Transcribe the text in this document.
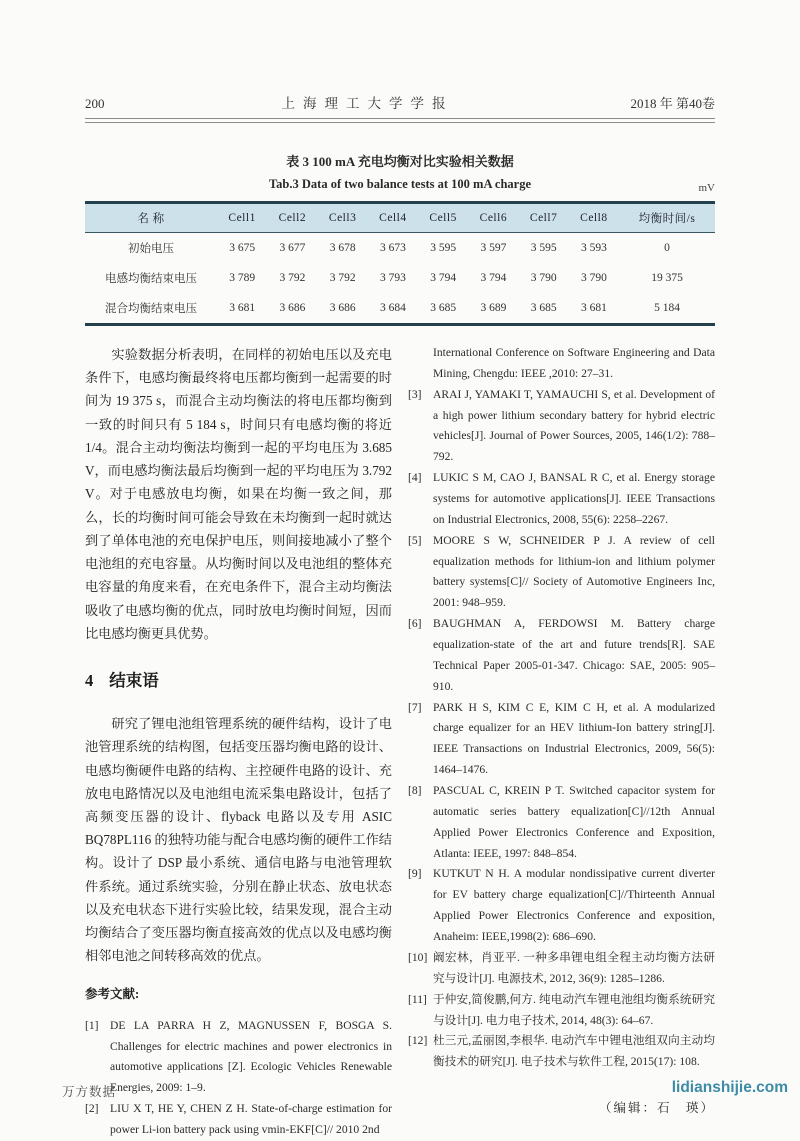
200	上海理工大学学报	2018 年 第40卷
表 3 100 mA 充电均衡对比实验相关数据
Tab.3 Data of two balance tests at 100 mA charge	mV
名 称	Cell1	Cell2	Cell3	Cell4	Cell5	Cell6	Cell7	Cell8	均衡时间/s
初始电压	3 675	3 677	3 678	3 673	3 595	3 597	3 595	3 593	0
电感均衡结束电压	3 789	3 792	3 792	3 793	3 794	3 794	3 790	3 790	19 375
混合均衡结束电压	3 681	3 686	3 686	3 684	3 685	3 689	3 685	3 681	5 184

实验数据分析表明，在同样的初始电压以及充电条件下，电感均衡最终将电压都均衡到一起需要的时间为 19 375 s，而混合主动均衡法的将电压都均衡到一致的时间只有 5 184 s，时间只有电感均衡的将近 1/4。混合主动均衡法均衡到一起的平均电压为 3.685 V，而电感均衡法最后均衡到一起的平均电压为 3.792 V。对于电感放电均衡，如果在均衡一致之间，那么，长的均衡时间可能会导致在未均衡到一起时就达到了单体电池的充电保护电压，则间接地减小了整个电池组的充电容量。从均衡时间以及电池组的整体充电容量的角度来看，在充电条件下，混合主动均衡法吸收了电感均衡的优点，同时放电均衡时间短，因而比电感均衡更具优势。

4 结束语

研究了锂电池组管理系统的硬件结构，设计了电池管理系统的结构图，包括变压器均衡电路的设计、电感均衡硬件电路的结构、主控硬件电路的设计、充放电电路情况以及电池组电流采集电路设计，包括了高频变压器的设计、flyback 电路以及专用 ASIC BQ78PL116 的独特功能与配合电感均衡的硬件工作结构。设计了 DSP 最小系统、通信电路与电池管理软件系统。通过系统实验，分别在静止状态、放电状态以及充电状态下进行实验比较，结果发现，混合主动均衡结合了变压器均衡直接高效的优点以及电感均衡相邻电池之间转移高效的优点。

参考文献:
[1] DE LA PARRA H Z, MAGNUSSEN F, BOSGA S. Challenges for electric machines and power electronics in automotive applications [Z]. Ecologic Vehicles Renewable Energies, 2009: 1–9.
[2] LIU X T, HE Y, CHEN Z H. State-of-charge estimation for power Li-ion battery pack using vmin-EKF[C]// 2010 2nd
International Conference on Software Engineering and Data Mining, Chengdu: IEEE ,2010: 27–31.
[3] ARAI J, YAMAKI T, YAMAUCHI S, et al. Development of a high power lithium secondary battery for hybrid electric vehicles[J]. Journal of Power Sources, 2005, 146(1/2): 788–792.
[4] LUKIC S M, CAO J, BANSAL R C, et al. Energy storage systems for automotive applications[J]. IEEE Transactions on Industrial Electronics, 2008, 55(6): 2258–2267.
[5] MOORE S W, SCHNEIDER P J. A review of cell equalization methods for lithium-ion and lithium polymer battery systems[C]// Society of Automotive Engineers Inc, 2001: 948–959.
[6] BAUGHMAN A, FERDOWSI M. Battery charge equalization-state of the art and future trends[R]. SAE Technical Paper 2005-01-347. Chicago: SAE, 2005: 905–910.
[7] PARK H S, KIM C E, KIM C H, et al. A modularized charge equalizer for an HEV lithium-Ion battery string[J]. IEEE Transactions on Industrial Electronics, 2009, 56(5): 1464–1476.
[8] PASCUAL C, KREIN P T. Switched capacitor system for automatic series battery equalization[C]//12th Annual Applied Power Electronics Conference and Exposition, Atlanta: IEEE, 1997: 848–854.
[9] KUTKUT N H. A modular nondissipative current diverter for EV battery charge equalization[C]//Thirteenth Annual Applied Power Electronics Conference and exposition, Anaheim: IEEE,1998(2): 686–690.
[10] 阚宏林，肖亚平. 一种多串锂电组全程主动均衡方法研究与设计[J]. 电源技术, 2012, 36(9): 1285–1286.
[11] 于仲安,简俊鹏,何方. 纯电动汽车锂电池组均衡系统研究与设计[J]. 电力电子技术, 2014, 48(3): 64–67.
[12] 杜三元,孟丽囡,李根华. 电动汽车中锂电池组双向主动均衡技术的研究[J]. 电子技术与软件工程, 2015(17): 108.
（编辑：石　瑛）
万方数据	lidianshijie.com
